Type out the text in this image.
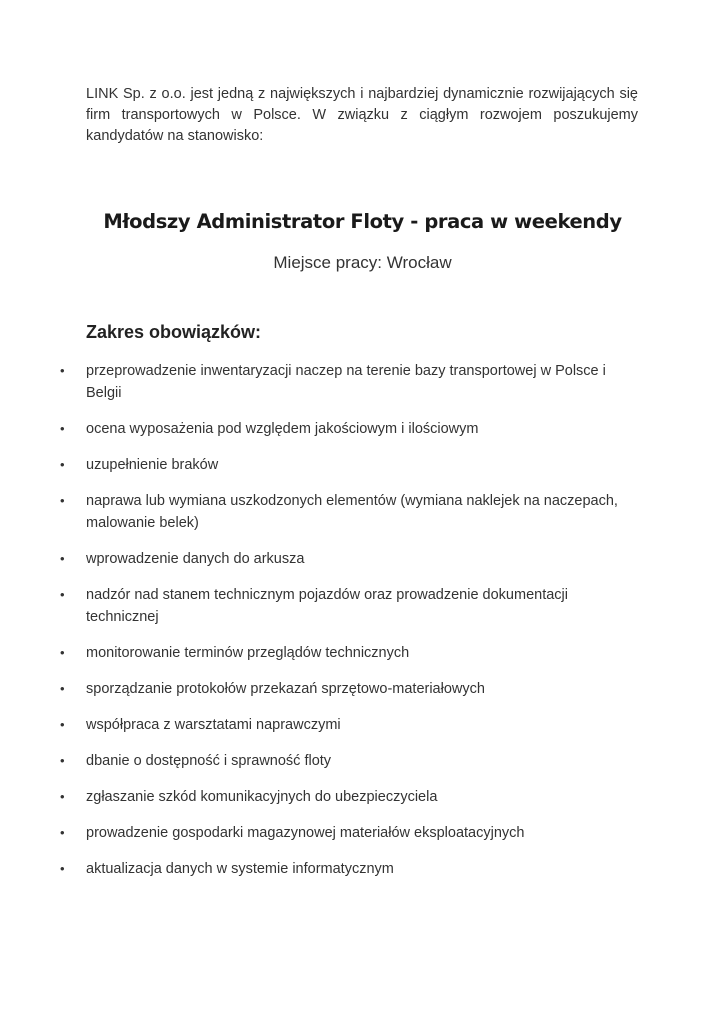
LINK Sp. z o.o. jest jedną z największych i najbardziej dynamicznie rozwijających się firm transportowych w Polsce. W związku z ciągłym rozwojem poszukujemy kandydatów na stanowisko:

Młodszy Administrator Floty - praca w weekendy

Miejsce pracy: Wrocław

Zakres obowiązków:
•	przeprowadzenie inwentaryzacji naczep na terenie bazy transportowej w Polsce i Belgii
•	ocena wyposażenia pod względem jakościowym i ilościowym
•	uzupełnienie braków
•	naprawa lub wymiana uszkodzonych elementów (wymiana naklejek na naczepach, malowanie belek)
•	wprowadzenie danych do arkusza
•	nadzór nad stanem technicznym pojazdów oraz prowadzenie dokumentacji technicznej
•	monitorowanie terminów przeglądów technicznych
•	sporządzanie protokołów przekazań sprzętowo-materiałowych
•	współpraca z warsztatami naprawczymi
•	dbanie o dostępność i sprawność floty
•	zgłaszanie szkód komunikacyjnych do ubezpieczyciela
•	prowadzenie gospodarki magazynowej materiałów eksploatacyjnych
•	aktualizacja danych w systemie informatycznym
